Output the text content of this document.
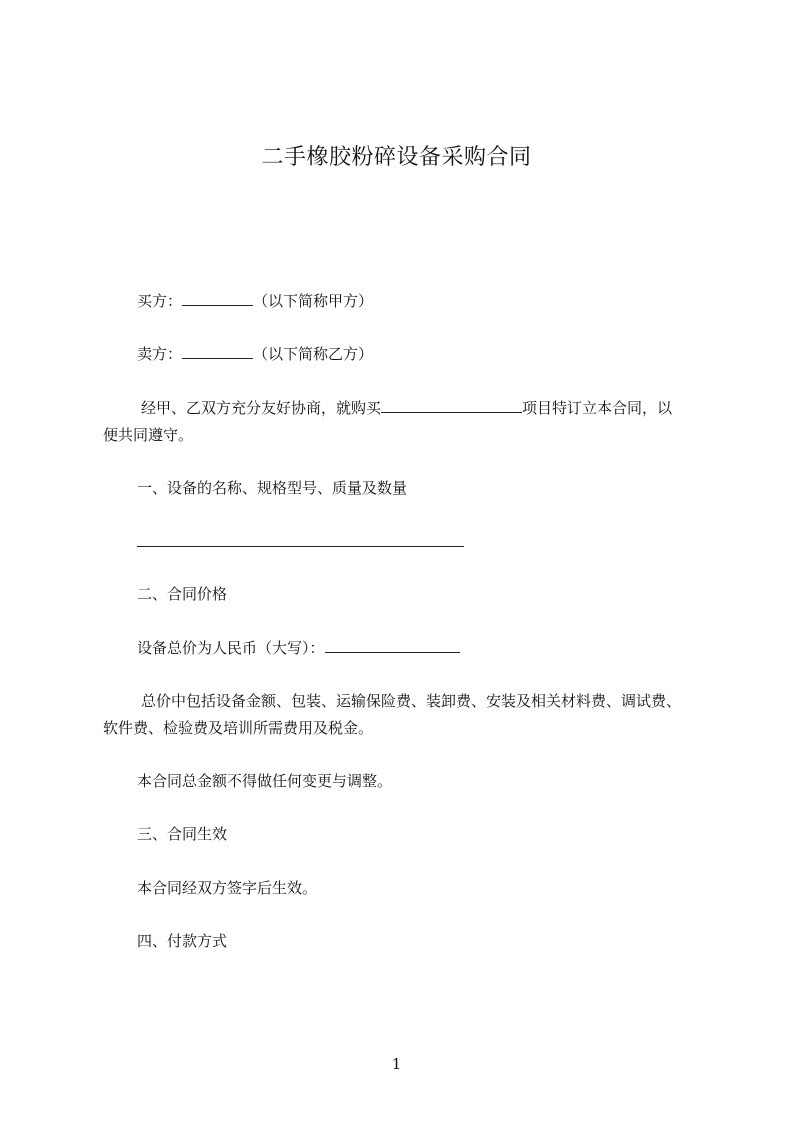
二手橡胶粉碎设备采购合同
买方：	（以下简称甲方）
卖方：	（以下简称乙方）
经甲、乙双方充分友好协商，就购买	项目特订立本合同，以
便共同遵守。
一、设备的名称、规格型号、质量及数量
二、合同价格
设备总价为人民币（大写）：
总价中包括设备金额、包装、运输保险费、装卸费、安装及相关材料费、调试费、
软件费、检验费及培训所需费用及税金。
本合同总金额不得做任何变更与调整。
三、合同生效
本合同经双方签字后生效。
四、付款方式
1
